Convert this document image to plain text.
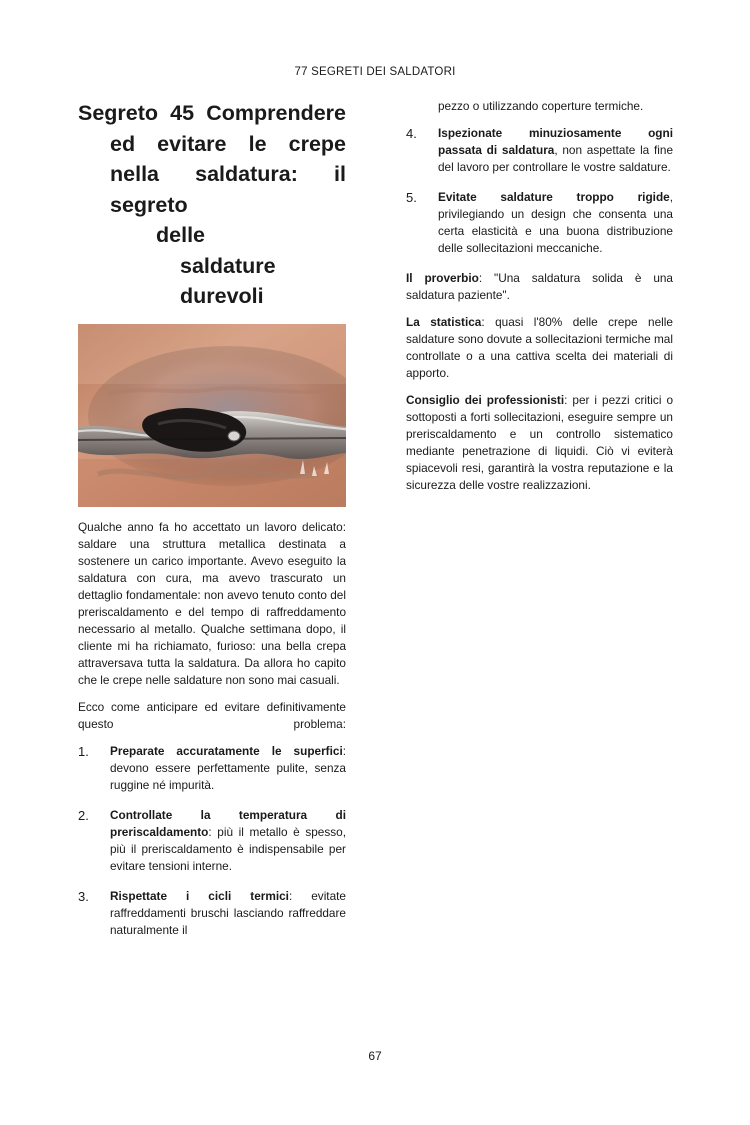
77 SEGRETI DEI SALDATORI
Segreto 45 Comprendere
ed evitare le crepe
nella saldatura: il
segreto
delle
saldature
durevoli

Qualche anno fa ho accettato un lavoro delicato: saldare una struttura metallica destinata a sostenere un carico importante. Avevo eseguito la saldatura con cura, ma avevo trascurato un dettaglio fondamentale: non avevo tenuto conto del preriscaldamento e del tempo di raffreddamento necessario al metallo. Qualche settimana dopo, il cliente mi ha richiamato, furioso: una bella crepa attraversava tutta la saldatura. Da allora ho capito che le crepe nelle saldature non sono mai casuali.

Ecco come anticipare ed evitare definitivamente questo problema:

1. Preparate accuratamente le superfici: devono essere perfettamente pulite, senza ruggine né impurità.
2. Controllate la temperatura di preriscaldamento: più il metallo è spesso, più il preriscaldamento è indispensabile per evitare tensioni interne.
3. Rispettate i cicli termici: evitate raffreddamenti bruschi lasciando raffreddare naturalmente il
pezzo o utilizzando coperture termiche.
4. Ispezionate minuziosamente ogni passata di saldatura, non aspettate la fine del lavoro per controllare le vostre saldature.
5. Evitate saldature troppo rigide, privilegiando un design che consenta una certa elasticità e una buona distribuzione delle sollecitazioni meccaniche.

Il proverbio: "Una saldatura solida è una saldatura paziente".

La statistica: quasi l'80% delle crepe nelle saldature sono dovute a sollecitazioni termiche mal controllate o a una cattiva scelta dei materiali di apporto.

Consiglio dei professionisti: per i pezzi critici o sottoposti a forti sollecitazioni, eseguire sempre un preriscaldamento e un controllo sistematico mediante penetrazione di liquidi. Ciò vi eviterà spiacevoli resi, garantirà la vostra reputazione e la sicurezza delle vostre realizzazioni.

67
